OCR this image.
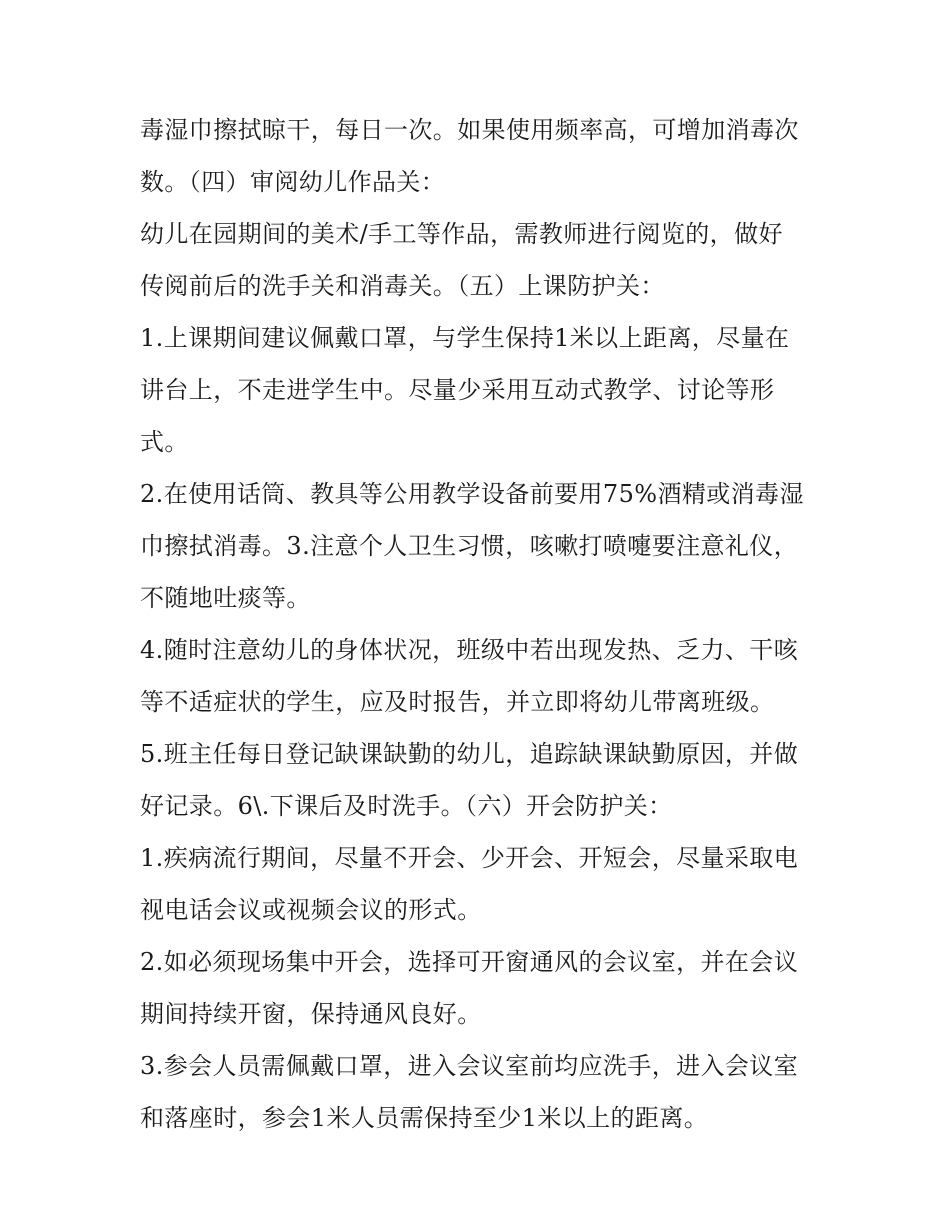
毒湿巾擦拭晾干，每日一次。如果使用频率高，可增加消毒次
数。（四）审阅幼儿作品关：
幼儿在园期间的美术/手工等作品，需教师进行阅览的，做好
传阅前后的洗手关和消毒关。（五）上课防护关：
1.上课期间建议佩戴口罩，与学生保持1米以上距离，尽量在
讲台上，不走进学生中。尽量少采用互动式教学、讨论等形
式。
2.在使用话筒、教具等公用教学设备前要用75%酒精或消毒湿
巾擦拭消毒。3.注意个人卫生习惯，咳嗽打喷嚏要注意礼仪，
不随地吐痰等。
4.随时注意幼儿的身体状况，班级中若出现发热、乏力、干咳
等不适症状的学生，应及时报告，并立即将幼儿带离班级。
5.班主任每日登记缺课缺勤的幼儿，追踪缺课缺勤原因，并做
好记录。6\.下课后及时洗手。（六）开会防护关：
1.疾病流行期间，尽量不开会、少开会、开短会，尽量采取电
视电话会议或视频会议的形式。
2.如必须现场集中开会，选择可开窗通风的会议室，并在会议
期间持续开窗，保持通风良好。
3.参会人员需佩戴口罩，进入会议室前均应洗手，进入会议室
和落座时，参会1米人员需保持至少1米以上的距离。
